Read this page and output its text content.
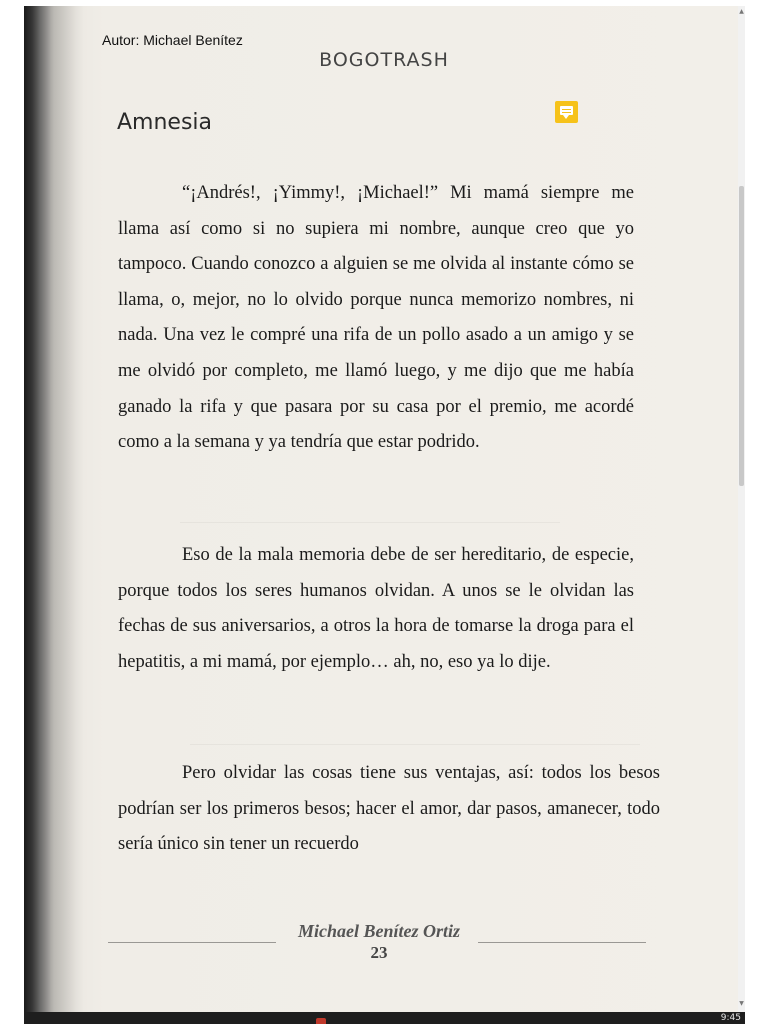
Autor: Michael Benítez
BOGOTRASH
Amnesia

“¡Andrés!, ¡Yimmy!, ¡Michael!” Mi mamá siempre me llama así como si no supiera mi nombre, aunque creo que yo tampoco. Cuando conozco a alguien se me olvida al instante cómo se llama, o, mejor, no lo olvido porque nunca memorizo nombres, ni nada. Una vez le compré una rifa de un pollo asado a un amigo y se me olvidó por completo, me llamó luego, y me dijo que me había ganado la rifa y que pasara por su casa por el premio, me acordé como a la semana y ya tendría que estar podrido.

Eso de la mala memoria debe de ser hereditario, de especie, porque todos los seres humanos olvidan. A unos se le olvidan las fechas de sus aniversarios, a otros la hora de tomarse la droga para el hepatitis, a mi mamá, por ejemplo… ah, no, eso ya lo dije.

Pero olvidar las cosas tiene sus ventajas, así: todos los besos podrían ser los primeros besos; hacer el amor, dar pasos, amanecer, todo sería único sin tener un recuerdo

Michael Benítez Ortiz
23
▲
▼
9:45
